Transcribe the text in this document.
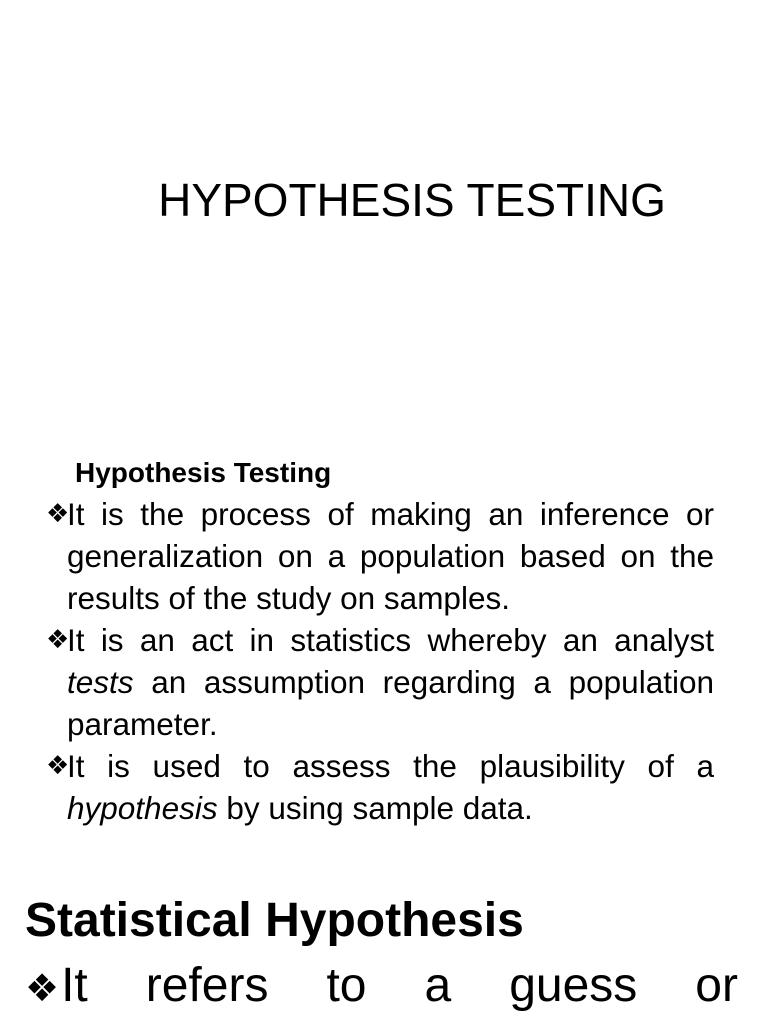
HYPOTHESIS TESTING
Hypothesis Testing
❖
It is the process of making an inference or generalization on a population based on the results of the study on samples.
❖
It is an act in statistics whereby an analyst tests an assumption regarding a population parameter.
❖
It is used to assess the plausibility of a hypothesis by using sample data.
Statistical Hypothesis
❖It refers to a guess or
